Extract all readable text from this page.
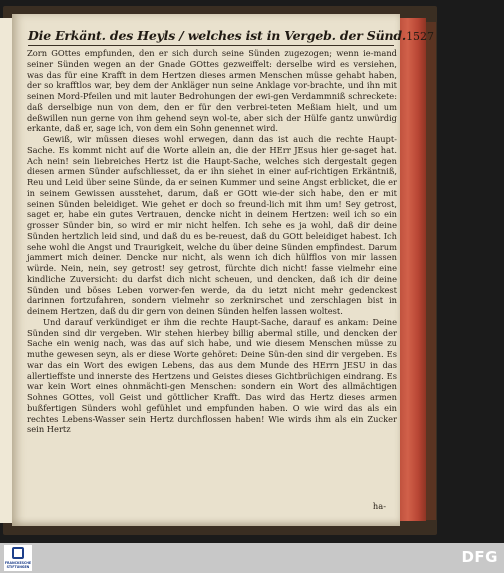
Die Erkänt. des Heyls / welches ist in Vergeb. der Sünd. 1527

Zorn GOttes empfunden, den er sich durch seine Sünden zugezogen; wenn ie-mand seiner Sünden wegen an der Gnade GOttes gezweiffelt: derselbe wird es versiehen, was das für eine Krafft in dem Hertzen dieses armen Menschen müsse gehabt haben, der so krafftlos war, bey dem der Ankläger nun seine Anklage vor-brachte, und ihn mit seinen Mord-Pfeilen und mit lauter Bedrohungen der ewi-gen Verdammniß schreckete: daß derselbige nun von dem, den er für den verbrei-teten Meßiam hielt, und um deßwillen nun gerne von ihm gehend seyn wol-te, aber sich der Hülfe gantz unwürdig erkante, daß er, sage ich, von dem ein Sohn genennet wird.

Gewiß, wir müssen dieses wohl erwegen, dann das ist auch die rechte Haupt-Sache. Es kommt nicht auf die Worte allein an, die der HErr JEsus hier ge-saget hat. Ach nein! sein liebreiches Hertz ist die Haupt-Sache, welches sich dergestalt gegen diesen armen Sünder aufschliesset, da er ihn siehet in einer auf-richtigen Erkäntniß, Reu und Leid über seine Sünde, da er seinen Kummer und seine Angst erblicket, die er in seinem Gewissen ausstehet, darum, daß er GOtt wie-der sich habe, den er mit seinen Sünden beleidiget. Wie gehet er doch so freund-lich mit ihm um! Sey getrost, saget er, habe ein gutes Vertrauen, dencke nicht in deinem Hertzen: weil ich so ein grosser Sünder bin, so wird er mir nicht helfen. Ich sehe es ja wohl, daß dir deine Sünden hertzlich leid sind, und daß du es be-reuest, daß du GOtt beleidiget habest. Ich sehe wohl die Angst und Traurigkeit, welche du über deine Sünden empfindest. Darum jammert mich deiner. Dencke nur nicht, als wenn ich dich hülfflos von mir lassen würde. Nein, nein, sey getrost! sey getrost, fürchte dich nicht! fasse vielmehr eine kindliche Zuversicht: du darfst dich nicht scheuen, und dencken, daß ich dir deine Sünden und böses Leben vorwer-fen werde, da du ietzt nicht mehr gedenckest darinnen fortzufahren, sondern vielmehr so zerknirschet und zerschlagen bist in deinem Hertzen, daß du dir gern von deinen Sünden helfen lassen woltest.

Und darauf verkündiget er ihm die rechte Haupt-Sache, darauf es ankam: Deine Sünden sind dir vergeben. Wir stehen hierbey billig abermal stille, und dencken der Sache ein wenig nach, was das auf sich habe, und wie diesem Menschen müsse zu muthe gewesen seyn, als er diese Worte gehöret: Deine Sün-den sind dir vergeben. Es war das ein Wort des ewigen Lebens, das aus dem Munde des HErrn JESU in das allertieffste und innerste des Hertzens und Geistes dieses Gichtbrüchigen eindrang. Es war kein Wort eines ohnmächti-gen Menschen: sondern ein Wort des allmächtigen Sohnes GOttes, voll Geist und göttlicher Krafft. Das wird das Hertz dieses armen bußfertigen Sünders wohl gefühlet und empfunden haben. O wie wird das als ein rechtes Lebens-Wasser sein Hertz durchflossen haben! Wie wirds ihm als ein Zucker sein Hertz

ha-
FRANCKESCHE STIFTUNGEN
DFG
